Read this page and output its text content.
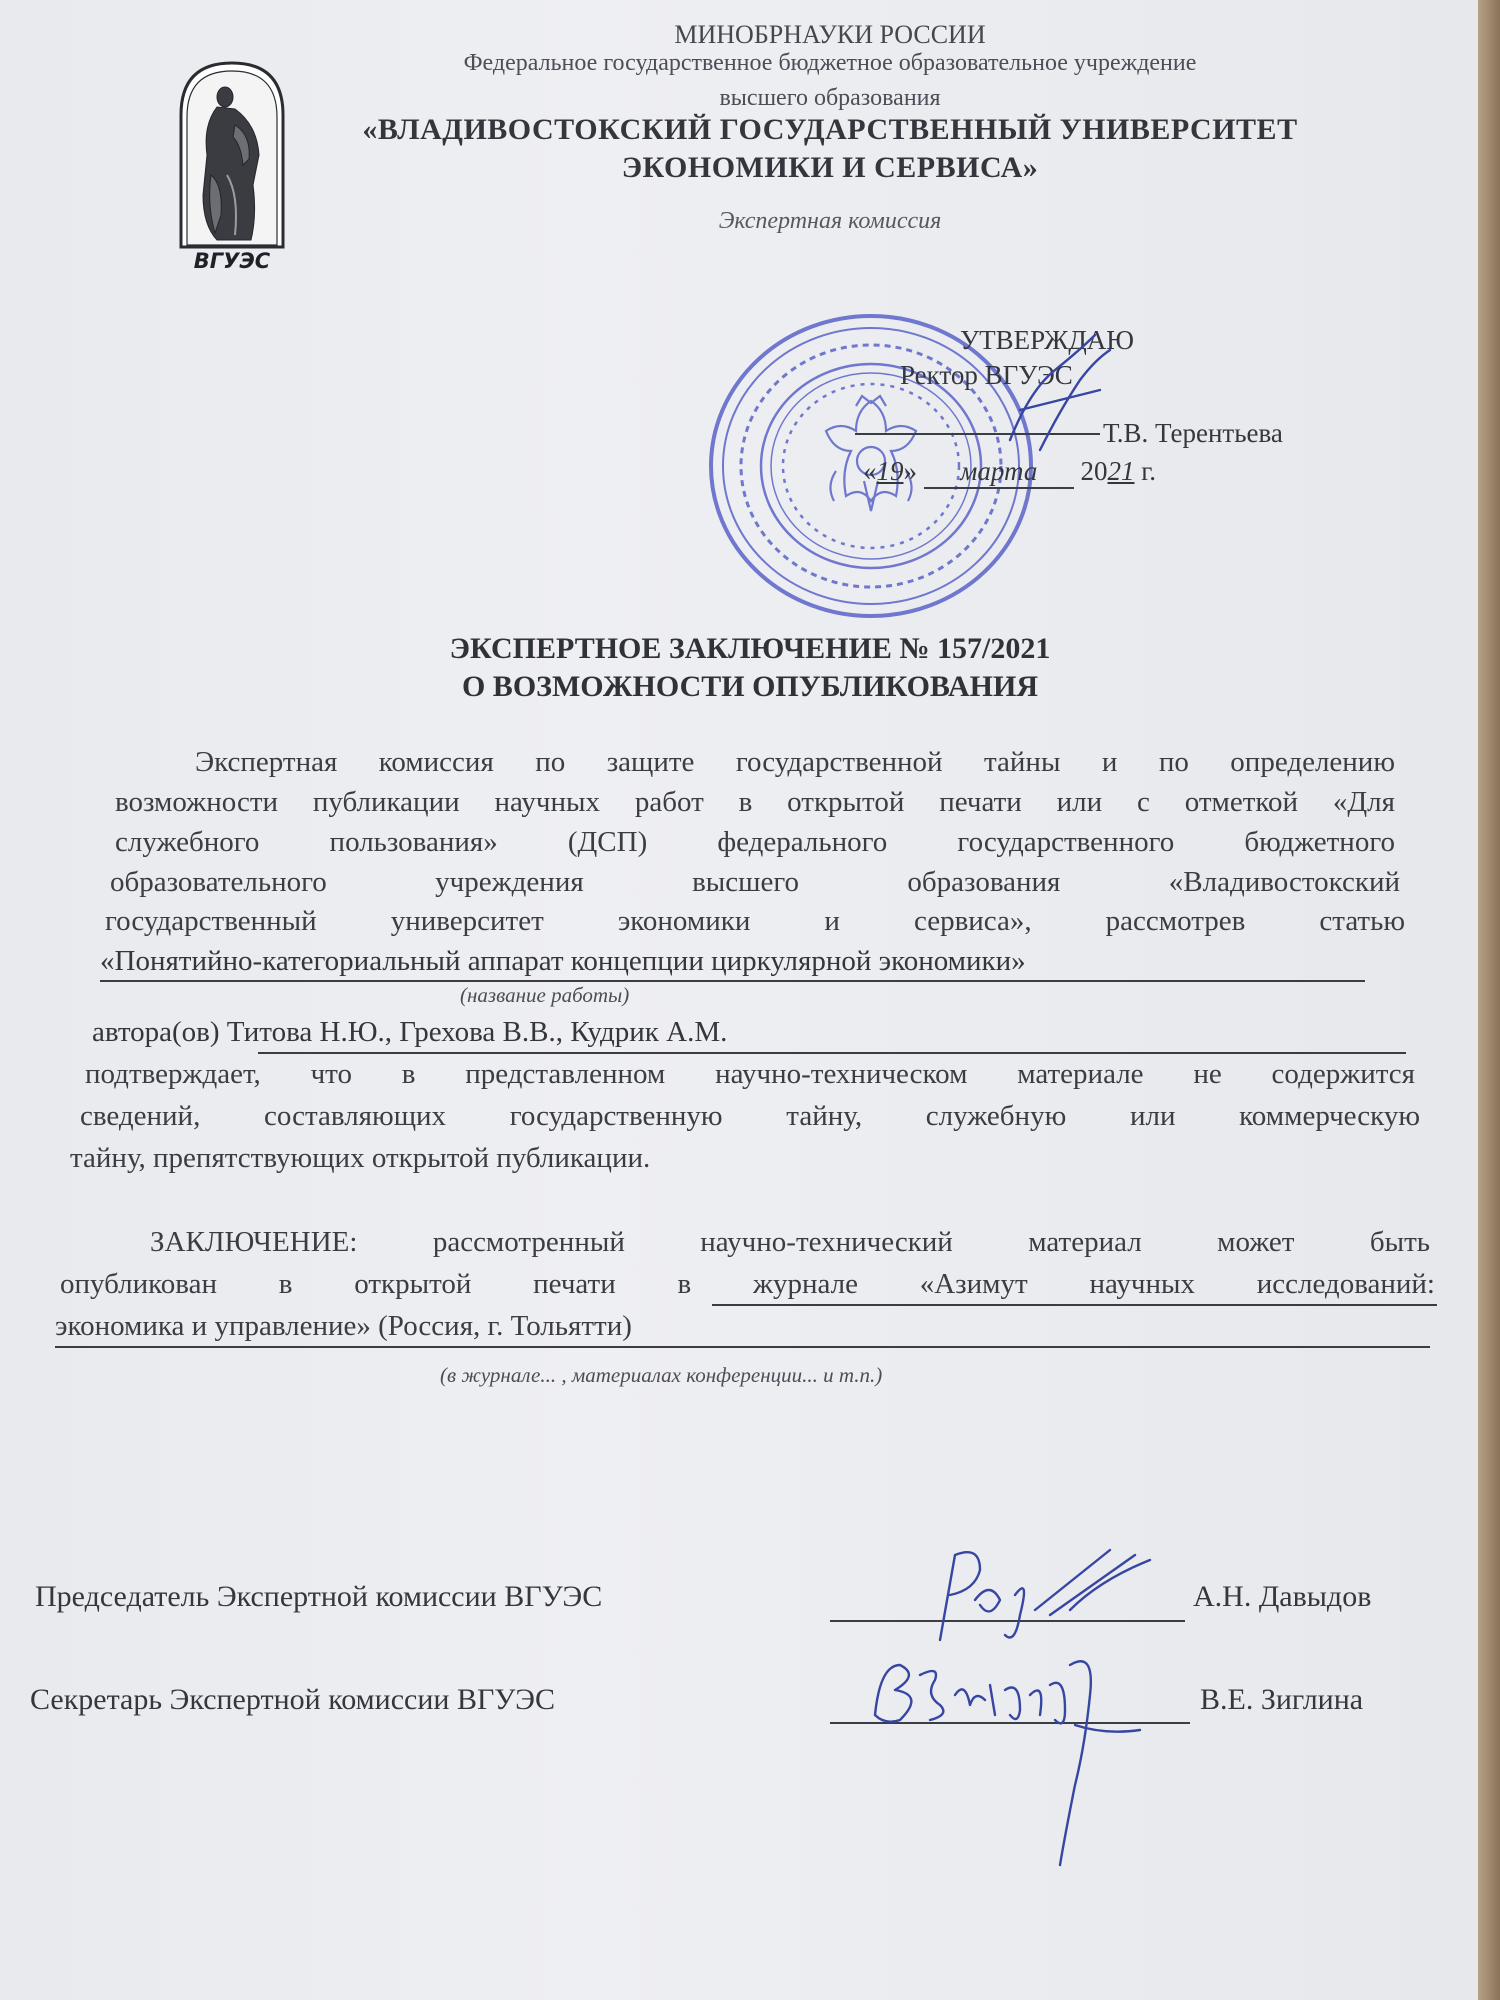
ВГУЭС
МИНОБРНАУКИ РОССИИ
Федеральное государственное бюджетное образовательное учреждение
высшего образования
«ВЛАДИВОСТОКСКИЙ ГОСУДАРСТВЕННЫЙ УНИВЕРСИТЕТ
ЭКОНОМИКИ И СЕРВИСА»
Экспертная комиссия
УТВЕРЖДАЮ
Ректор ВГУЭС
Т.В. Терентьева
«19» марта 2021 г.
ЭКСПЕРТНОЕ ЗАКЛЮЧЕНИЕ № 157/2021
О ВОЗМОЖНОСТИ ОПУБЛИКОВАНИЯ
Экспертная комиссия по защите государственной тайны и по определению
возможности публикации научных работ в открытой печати или с отметкой «Для
служебного пользования» (ДСП) федерального государственного бюджетного
образовательного учреждения высшего образования «Владивостокский
государственный университет экономики и сервиса», рассмотрев статью
«Понятийно-категориальный аппарат концепции циркулярной экономики»
(название работы)
автора(ов) Титова Н.Ю., Грехова В.В., Кудрик А.М.
подтверждает, что в представленном научно-техническом материале не содержится
сведений, составляющих государственную тайну, служебную или коммерческую
тайну, препятствующих открытой публикации.
ЗАКЛЮЧЕНИЕ: рассмотренный научно-технический материал может быть
опубликован в открытой печати в журнале «Азимут научных исследований:
экономика и управление» (Россия, г. Тольятти)
(в журнале... , материалах конференции... и т.п.)
Председатель Экспертной комиссии ВГУЭС	А.Н. Давыдов
Секретарь Экспертной комиссии ВГУЭС	В.Е. Зиглина
